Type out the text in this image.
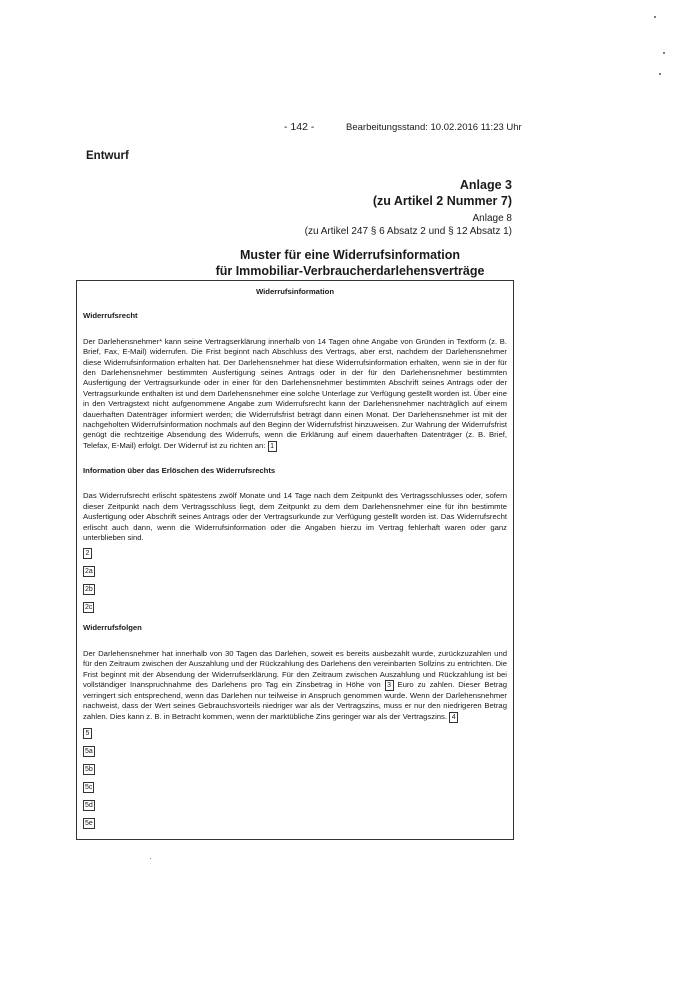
- 142 -	Bearbeitungsstand: 10.02.2016 11:23 Uhr
Entwurf
Anlage 3
(zu Artikel 2 Nummer 7)
Anlage 8
(zu Artikel 247 § 6 Absatz 2 und § 12 Absatz 1)
Muster für eine Widerrufsinformation
für Immobiliar-Verbraucherdarlehensverträge
Widerrufsinformation
Widerrufsrecht
Der Darlehensnehmer* kann seine Vertragserklärung innerhalb von 14 Tagen ohne Angabe von Gründen in Textform (z. B. Brief, Fax, E-Mail) widerrufen. Die Frist beginnt nach Abschluss des Vertrags, aber erst, nachdem der Darlehensnehmer diese Widerrufsinformation erhalten hat. Der Darlehensnehmer hat diese Widerrufsinformation erhalten, wenn sie in der für den Darlehensnehmer bestimmten Ausfertigung seines Antrags oder in der für den Darlehensnehmer bestimmten Ausfertigung der Vertragsurkunde oder in einer für den Darlehensnehmer bestimmten Abschrift seines Antrags oder der Vertragsurkunde enthalten ist und dem Darlehensnehmer eine solche Unterlage zur Verfügung gestellt worden ist. Über eine in den Vertragstext nicht aufgenommene Angabe zum Widerrufsrecht kann der Darlehensnehmer nachträglich auf einem dauerhaften Datenträger informiert werden; die Widerrufsfrist beträgt dann einen Monat. Der Darlehensnehmer ist mit der nachgeholten Widerrufsinformation nochmals auf den Beginn der Widerrufsfrist hinzuweisen. Zur Wahrung der Widerrufsfrist genügt die rechtzeitige Absendung des Widerrufs, wenn die Erklärung auf einem dauerhaften Datenträger (z. B. Brief, Telefax, E-Mail) erfolgt. Der Widerruf ist zu richten an: 1
Information über das Erlöschen des Widerrufsrechts
Das Widerrufsrecht erlischt spätestens zwölf Monate und 14 Tage nach dem Zeitpunkt des Vertragsschlusses oder, sofern dieser Zeitpunkt nach dem Vertragsschluss liegt, dem Zeitpunkt zu dem dem Darlehensnehmer eine für ihn bestimmte Ausfertigung oder Abschrift seines Antrags oder der Vertragsurkunde zur Verfügung gestellt worden ist. Das Widerrufsrecht erlischt auch dann, wenn die Widerrufsinformation oder die Angaben hierzu im Vertrag fehlerhaft waren oder ganz unterblieben sind.
2
2a
2b
2c
Widerrufsfolgen
Der Darlehensnehmer hat innerhalb von 30 Tagen das Darlehen, soweit es bereits ausbezahlt wurde, zurückzuzahlen und für den Zeitraum zwischen der Auszahlung und der Rückzahlung des Darlehens den vereinbarten Sollzins zu entrichten. Die Frist beginnt mit der Absendung der Widerrufserklärung. Für den Zeitraum zwischen Auszahlung und Rückzahlung ist bei vollständiger Inanspruchnahme des Darlehens pro Tag ein Zinsbetrag in Höhe von 3 Euro zu zahlen. Dieser Betrag verringert sich entsprechend, wenn das Darlehen nur teilweise in Anspruch genommen wurde. Wenn der Darlehensnehmer nachweist, dass der Wert seines Gebrauchsvorteils niedriger war als der Vertragszins, muss er nur den niedrigeren Betrag zahlen. Dies kann z. B. in Betracht kommen, wenn der marktübliche Zins geringer war als der Vertragszins. 4
5
5a
5b
5c
5d
5e
